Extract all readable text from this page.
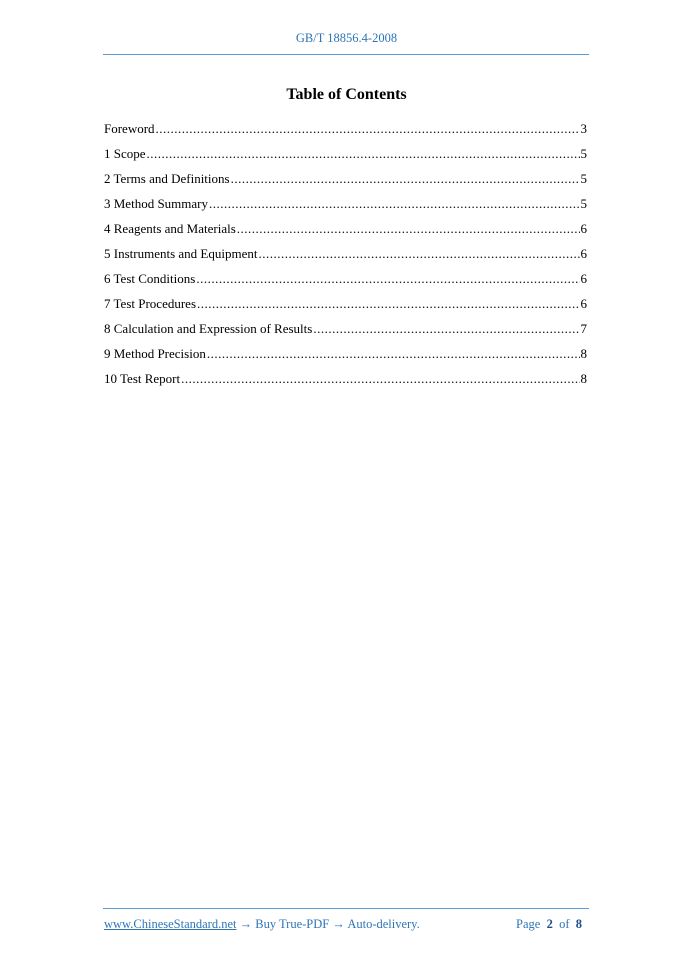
GB/T 18856.4-2008
Table of Contents
Foreword .....	3
1 Scope .....	5
2 Terms and Definitions .....	5
3 Method Summary .....	5
4 Reagents and Materials .....	6
5 Instruments and Equipment .....	6
6 Test Conditions .....	6
7 Test Procedures .....	6
8 Calculation and Expression of Results .....	7
9 Method Precision .....	8
10 Test Report .....	8
www.ChineseStandard.net → Buy True-PDF → Auto-delivery.	Page 2 of 8
